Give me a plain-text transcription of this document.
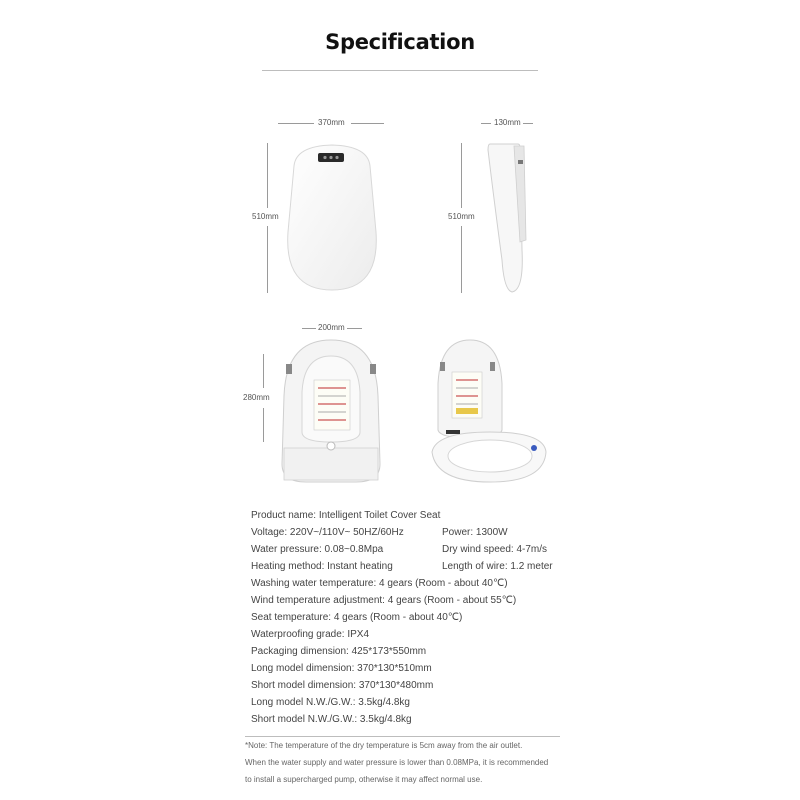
Specification
370mm
510mm
130mm
510mm
200mm
280mm
Product name: Intelligent Toilet Cover Seat
Voltage: 220V~/110V~ 50HZ/60Hz	Power: 1300W
Water pressure: 0.08~0.8Mpa	Dry wind speed: 4-7m/s
Heating method: Instant heating	Length of wire: 1.2 meter
Washing water temperature: 4 gears (Room - about 40℃)
Wind temperature adjustment: 4 gears (Room - about 55℃)
Seat temperature: 4 gears (Room - about 40℃)
Waterproofing grade: IPX4
Packaging dimension: 425*173*550mm
Long model dimension: 370*130*510mm
Short model dimension: 370*130*480mm
Long model N.W./G.W.: 3.5kg/4.8kg
Short model N.W./G.W.: 3.5kg/4.8kg
*Note: The temperature of the dry temperature is 5cm away from the air outlet.
When the water supply and water pressure is lower than 0.08MPa, it is recommended
to install a supercharged pump, otherwise it may affect normal use.
